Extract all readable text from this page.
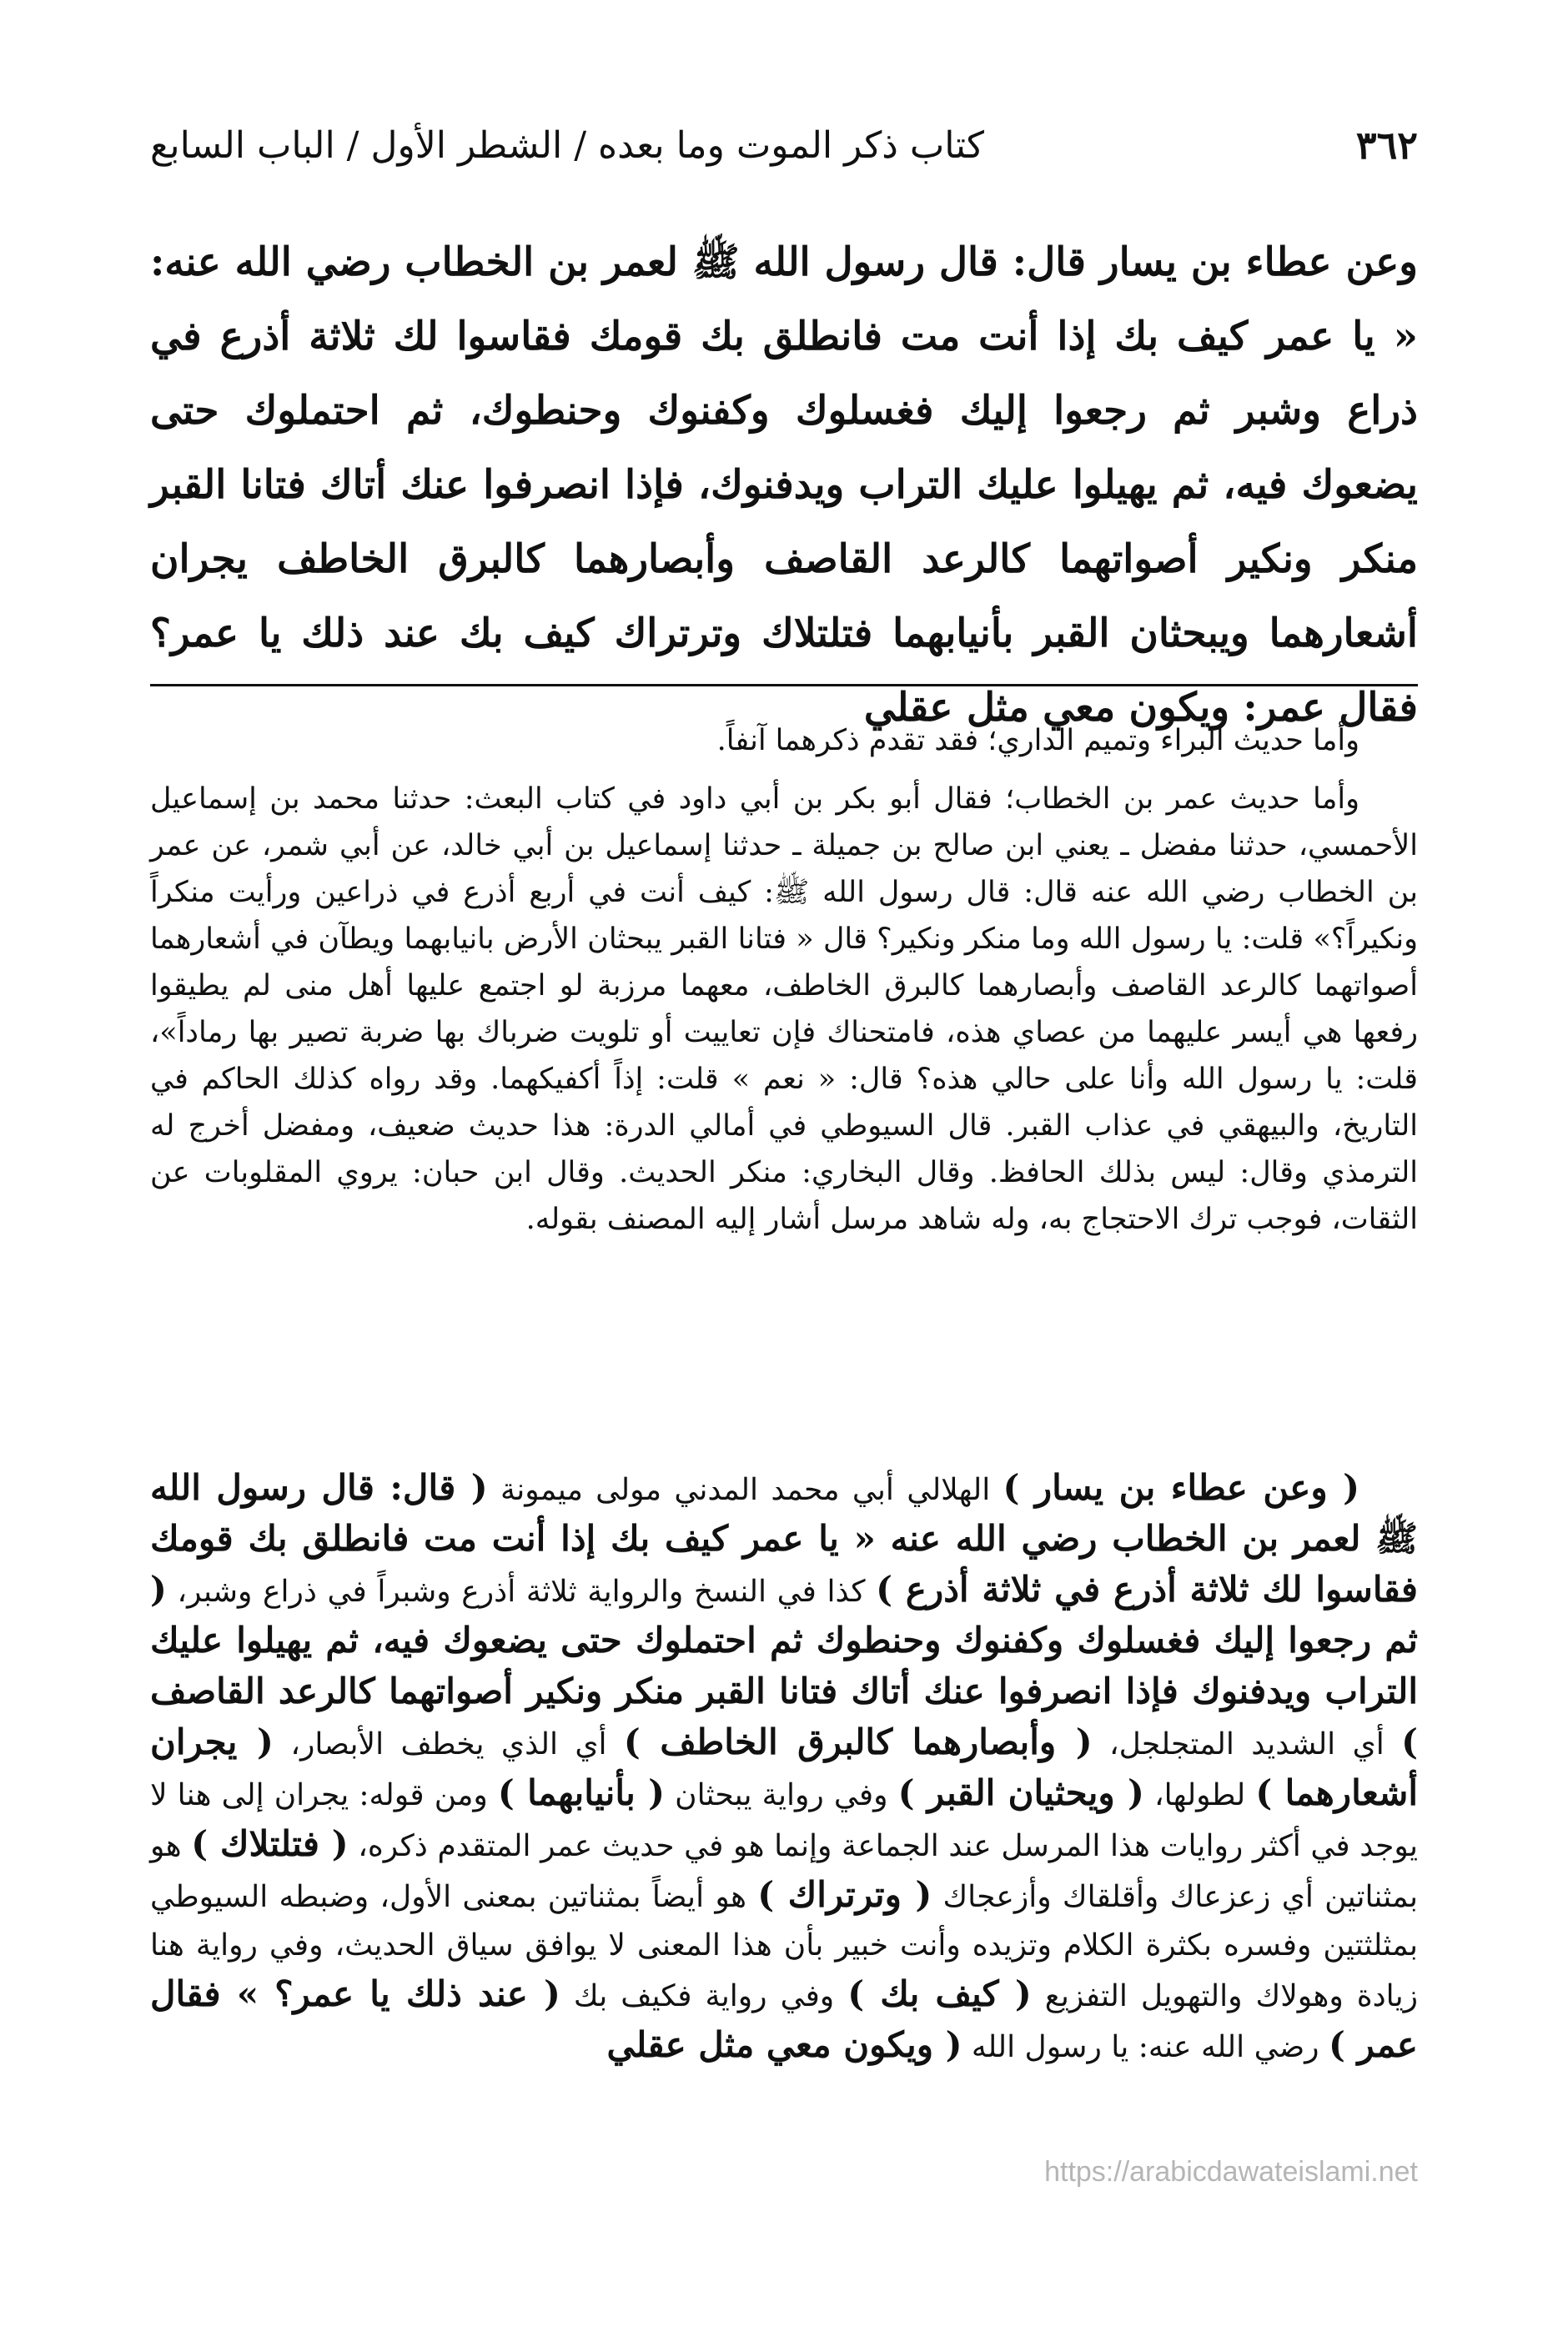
٣٦٢
كتاب ذكر الموت وما بعده / الشطر الأول / الباب السابع

وعن عطاء بن يسار قال: قال رسول الله ﷺ لعمر بن الخطاب رضي الله عنه: « يا عمر كيف بك إذا أنت مت فانطلق بك قومك فقاسوا لك ثلاثة أذرع في ذراع وشبر ثم رجعوا إليك فغسلوك وكفنوك وحنطوك، ثم احتملوك حتى يضعوك فيه، ثم يهيلوا عليك التراب ويدفنوك، فإذا انصرفوا عنك أتاك فتانا القبر منكر ونكير أصواتهما كالرعد القاصف وأبصارهما كالبرق الخاطف يجران أشعارهما ويبحثان القبر بأنيابهما فتلتلاك وترتراك كيف بك عند ذلك يا عمر؟ فقال عمر: ويكون معي مثل عقلي

وأما حديث البراء وتميم الداري؛ فقد تقدم ذكرهما آنفاً.

وأما حديث عمر بن الخطاب؛ فقال أبو بكر بن أبي داود في كتاب البعث: حدثنا محمد بن إسماعيل الأحمسي، حدثنا مفضل ـ يعني ابن صالح بن جميلة ـ حدثنا إسماعيل بن أبي خالد، عن أبي شمر، عن عمر بن الخطاب رضي الله عنه قال: قال رسول الله ﷺ: كيف أنت في أربع أذرع في ذراعين ورأيت منكراً ونكيراً؟» قلت: يا رسول الله وما منكر ونكير؟ قال « فتانا القبر يبحثان الأرض بانيابهما ويطآن في أشعارهما أصواتهما كالرعد القاصف وأبصارهما كالبرق الخاطف، معهما مرزبة لو اجتمع عليها أهل منى لم يطيقوا رفعها هي أيسر عليهما من عصاي هذه، فامتحناك فإن تعاييت أو تلويت ضرباك بها ضربة تصير بها رماداً»، قلت: يا رسول الله وأنا على حالي هذه؟ قال: « نعم » قلت: إذاً أكفيكهما. وقد رواه كذلك الحاكم في التاريخ، والبيهقي في عذاب القبر. قال السيوطي في أمالي الدرة: هذا حديث ضعيف، ومفضل أخرج له الترمذي وقال: ليس بذلك الحافظ. وقال البخاري: منكر الحديث. وقال ابن حبان: يروي المقلوبات عن الثقات، فوجب ترك الاحتجاج به، وله شاهد مرسل أشار إليه المصنف بقوله.

( وعن عطاء بن يسار ) الهلالي أبي محمد المدني مولى ميمونة ( قال: قال رسول الله ﷺ لعمر بن الخطاب رضي الله عنه « يا عمر كيف بك إذا أنت مت فانطلق بك قومك فقاسوا لك ثلاثة أذرع في ثلاثة أذرع ) كذا في النسخ والرواية ثلاثة أذرع وشبراً في ذراع وشبر، ( ثم رجعوا إليك فغسلوك وكفنوك وحنطوك ثم احتملوك حتى يضعوك فيه، ثم يهيلوا عليك التراب ويدفنوك فإذا انصرفوا عنك أتاك فتانا القبر منكر ونكير أصواتهما كالرعد القاصف ) أي الشديد المتجلجل، ( وأبصارهما كالبرق الخاطف ) أي الذي يخطف الأبصار، ( يجران أشعارهما ) لطولها، ( ويحثيان القبر ) وفي رواية يبحثان ( بأنيابهما ) ومن قوله: يجران إلى هنا لا يوجد في أكثر روايات هذا المرسل عند الجماعة وإنما هو في حديث عمر المتقدم ذكره، ( فتلتلاك ) هو بمثناتين أي زعزعاك وأقلقاك وأزعجاك ( وترتراك ) هو أيضاً بمثناتين بمعنى الأول، وضبطه السيوطي بمثلثتين وفسره بكثرة الكلام وتزيده وأنت خبير بأن هذا المعنى لا يوافق سياق الحديث، وفي رواية هنا زيادة وهولاك والتهويل التفزيع ( كيف بك ) وفي رواية فكيف بك ( عند ذلك يا عمر؟ » فقال عمر ) رضي الله عنه: يا رسول الله ( ويكون معي مثل عقلي

https://arabicdawateislami.net
